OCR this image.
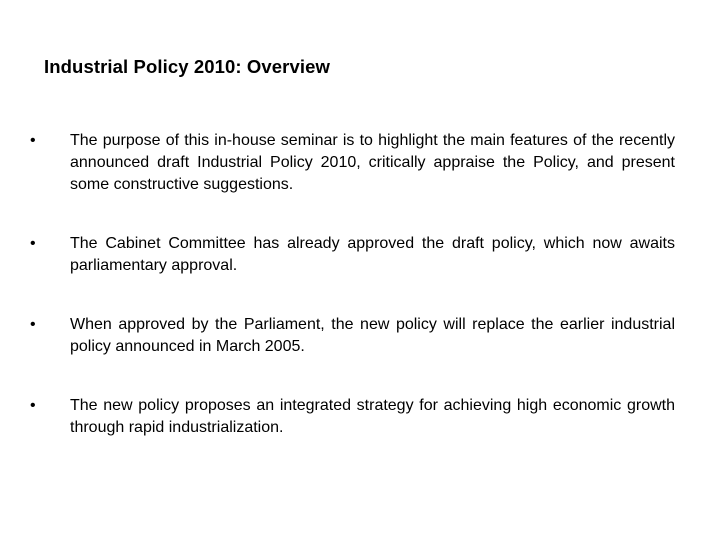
Industrial Policy 2010: Overview
•	The purpose of this in-house seminar is to highlight the main features of the recently announced draft Industrial Policy 2010, critically appraise the Policy, and present some constructive suggestions.
•	The Cabinet Committee has already approved the draft policy, which now awaits parliamentary approval.
•	When approved by the Parliament, the new policy will replace the earlier industrial policy announced in March 2005.
•	The new policy proposes an integrated strategy for achieving high economic growth through rapid industrialization.
